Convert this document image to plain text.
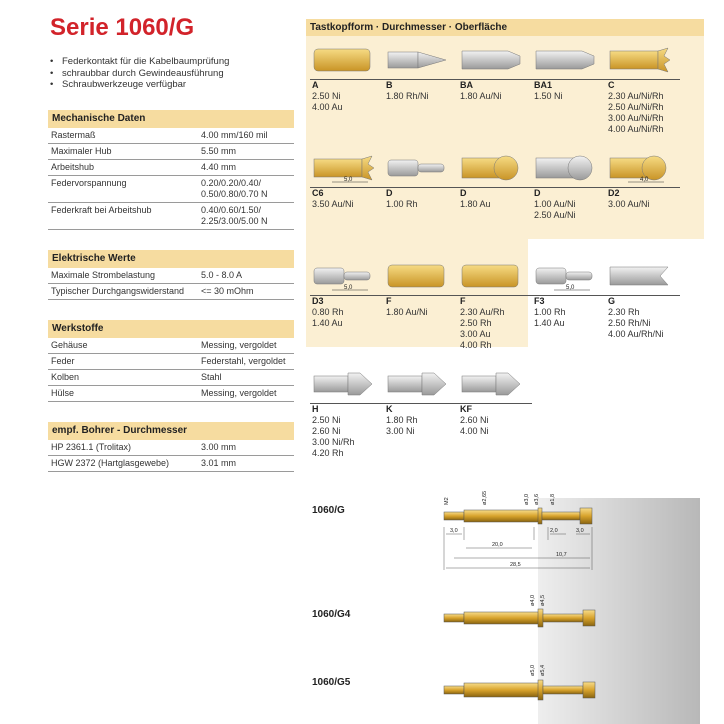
Serie 1060/G
• Federkontakt für die Kabelbaumprüfung
• schraubbar durch Gewindeausführung
• Schraubwerkzeuge verfügbar
Mechanische Daten
Rastermaß	4.00 mm/160 mil
Maximaler Hub	5.50 mm
Arbeitshub	4.40 mm
Federvorspannung	0.20/0.20/0.40/
0.50/0.80/0.70 N
Federkraft bei Arbeitshub	0.40/0.60/1.50/
2.25/3.00/5.00 N
Elektrische Werte
Maximale Strombelastung	5.0 - 8.0 A
Typischer Durchgangswiderstand	<= 30 mOhm
Werkstoffe
Gehäuse	Messing, vergoldet
Feder	Federstahl, vergoldet
Kolben	Stahl
Hülse	Messing, vergoldet
empf. Bohrer - Durchmesser
HP 2361.1 (Trolitax)	3.00 mm
HGW 2372 (Hartglasgewebe)	3.01 mm
Tastkopfform · Durchmesser · Oberfläche
A
2.50 Ni
4.00 Au
B
1.80 Rh/Ni
BA
1.80 Au/Ni
BA1
1.50 Ni
C
2.30 Au/Ni/Rh
2.50 Au/Ni/Rh
3.00 Au/Ni/Rh
4.00 Au/Ni/Rh
5,0
C6
3.50 Au/Ni
D
1.00 Rh
D
1.80 Au
D
1.00 Au/Ni
2.50 Au/Ni
4,0
D2
3.00 Au/Ni
5,0
D3
0.80 Rh
1.40 Au
F
1.80 Au/Ni
F
2.30 Au/Rh
2.50 Rh
3.00 Au
4.00 Rh
5,0
F3
1.00 Rh
1.40 Au
G
2.30 Rh
2.50 Rh/Ni
4.00 Au/Rh/Ni
H
2.50 Ni
2.60 Ni
3.00 Ni/Rh
4.20 Rh
K
1.80 Rh
3.00 Ni
KF
2.60 Ni
4.00 Ni
1060/G
1060/G4
1060/G5
M2	ø2,65	ø3,0 ø3,6 ø1,8
3,0
20,0
2,0	3,0
10,7
28,5
ø4,0 ø4,5
ø5,0 ø5,4
